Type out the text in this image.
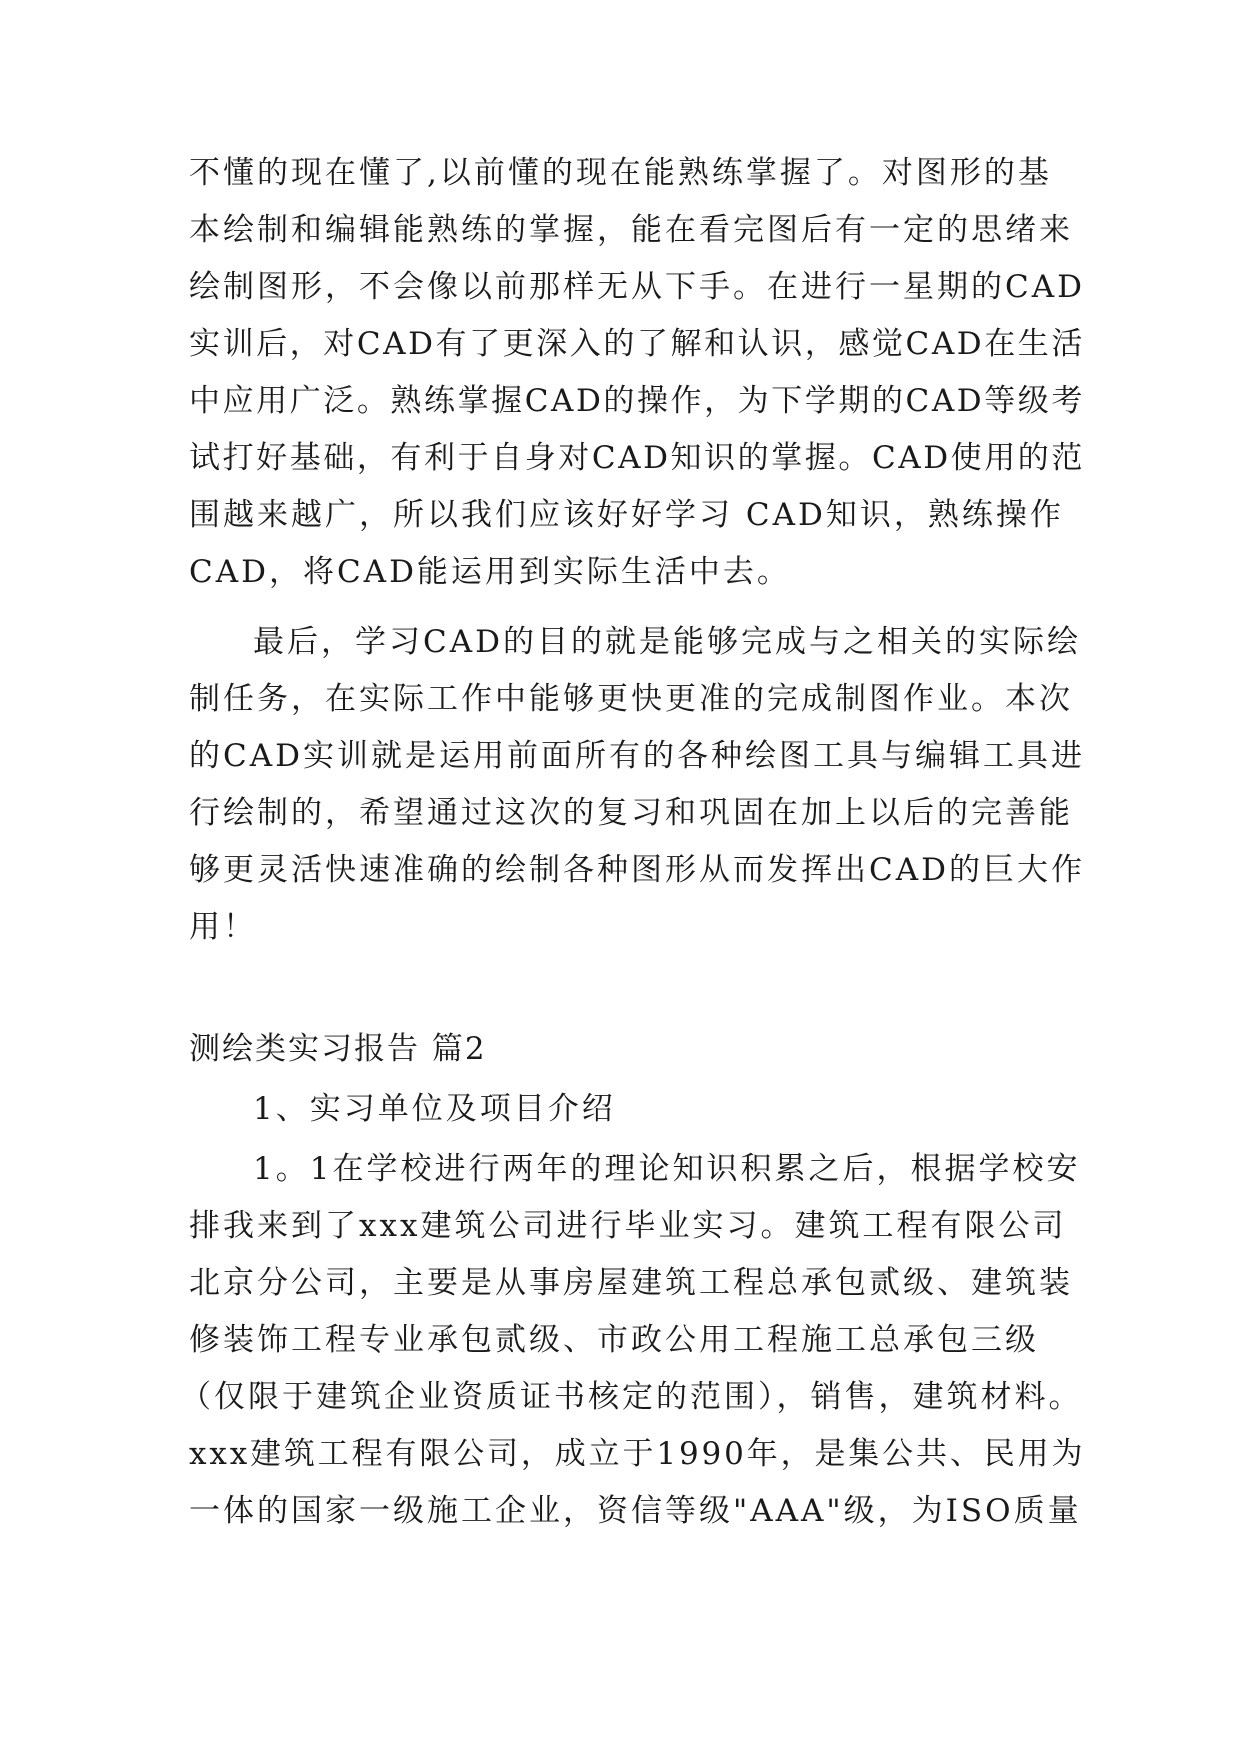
不懂的现在懂了,以前懂的现在能熟练掌握了。对图形的基
本绘制和编辑能熟练的掌握，能在看完图后有一定的思绪来
绘制图形，不会像以前那样无从下手。在进行一星期的CAD
实训后，对CAD有了更深入的了解和认识，感觉CAD在生活
中应用广泛。熟练掌握CAD的操作，为下学期的CAD等级考
试打好基础，有利于自身对CAD知识的掌握。CAD使用的范
围越来越广，所以我们应该好好学习 CAD知识，熟练操作
CAD，将CAD能运用到实际生活中去。
最后，学习CAD的目的就是能够完成与之相关的实际绘
制任务，在实际工作中能够更快更准的完成制图作业。本次
的CAD实训就是运用前面所有的各种绘图工具与编辑工具进
行绘制的，希望通过这次的复习和巩固在加上以后的完善能
够更灵活快速准确的绘制各种图形从而发挥出CAD的巨大作
用！
测绘类实习报告 篇2
1、实习单位及项目介绍
1。1在学校进行两年的理论知识积累之后，根据学校安
排我来到了xxx建筑公司进行毕业实习。建筑工程有限公司
北京分公司，主要是从事房屋建筑工程总承包贰级、建筑装
修装饰工程专业承包贰级、市政公用工程施工总承包三级
（仅限于建筑企业资质证书核定的范围），销售，建筑材料。
xxx建筑工程有限公司，成立于1990年，是集公共、民用为
一体的国家一级施工企业，资信等级"AAA"级，为ISO质量
